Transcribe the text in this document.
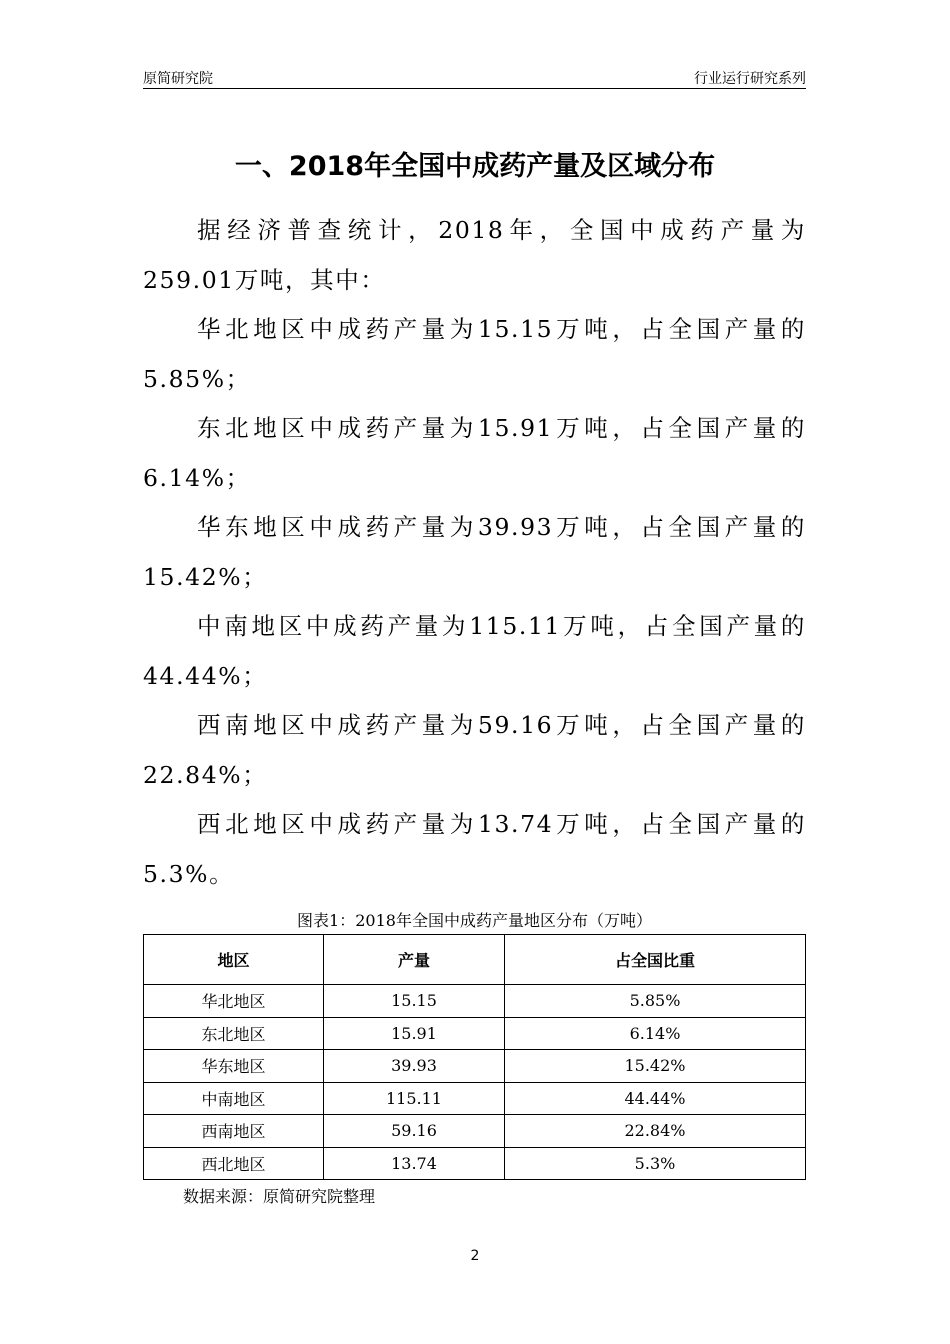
原简研究院	行业运行研究系列
一、2018年全国中成药产量及区域分布

据经济普查统计，2018年，全国中成药产量为259.01万吨，其中：

华北地区中成药产量为15.15万吨，占全国产量的5.85%；

东北地区中成药产量为15.91万吨，占全国产量的6.14%；

华东地区中成药产量为39.93万吨，占全国产量的15.42%；

中南地区中成药产量为115.11万吨，占全国产量的44.44%；

西南地区中成药产量为59.16万吨，占全国产量的22.84%；

西北地区中成药产量为13.74万吨，占全国产量的5.3%。

图表1：2018年全国中成药产量地区分布（万吨）
地区	产量	占全国比重
华北地区	15.15	5.85%
东北地区	15.91	6.14%
华东地区	39.93	15.42%
中南地区	115.11	44.44%
西南地区	59.16	22.84%
西北地区	13.74	5.3%
数据来源：原简研究院整理
2
